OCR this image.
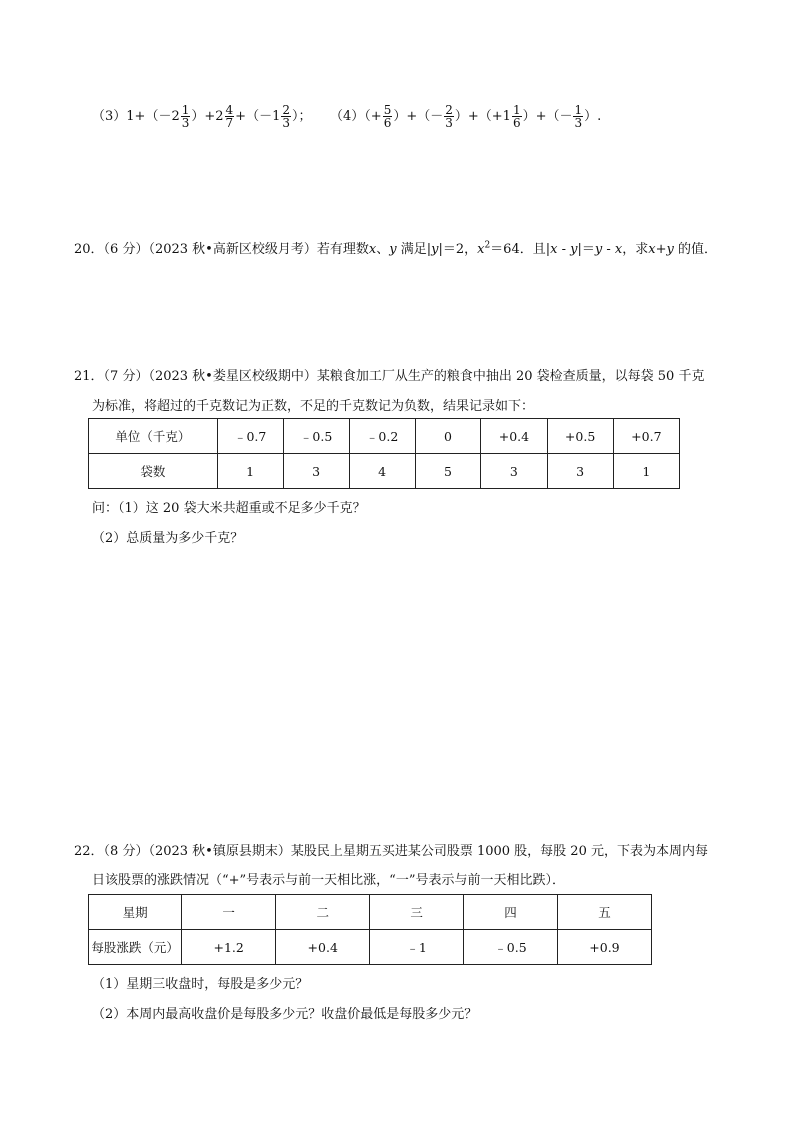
$(3)1+(-2 \frac{1}{3} )+2 \frac{4}{7} +(-1 \frac{2}{3}$ ）； $(4)(+ \frac{5}{6}$ ）+（－ $\frac{2}{3} )+(+1 \frac{1}{6}$ ）+（－ $\frac{1}{3}$ ）.
20．（6 分）（2023 秋•高新区校级月考）若有理数x、y 满足|y|＝2，$x^2=64$．且|x - y|＝y - x，求x+y 的值．
21．（7 分）（2023 秋•娄星区校级期中）某粮食加工厂从生产的粮食中抽出 20 袋检查质量，以每袋 50 千克
为标准，将超过的千克数记为正数，不足的千克数记为负数，结果记录如下：
单位（千克）	﹣0.7	﹣0.5	﹣0.2	0	+0.4	+0.5	+0.7
袋数	1	3	4	5	3	3	1
问：（1）这 20 袋大米共超重或不足多少千克？
（2）总质量为多少千克？
22．（8 分）（2023 秋•镇原县期末）某股民上星期五买进某公司股票 1000 股，每股 20 元，下表为本周内每
日该股票的涨跌情况（“+”号表示与前一天相比涨，“一”号表示与前一天相比跌）．
星期	一	二	三	四	五
每股涨跌（元）	+1.2	+0.4	﹣1	﹣0.5	+0.9
（1）星期三收盘时，每股是多少元？
（2）本周内最高收盘价是每股多少元？收盘价最低是每股多少元？
